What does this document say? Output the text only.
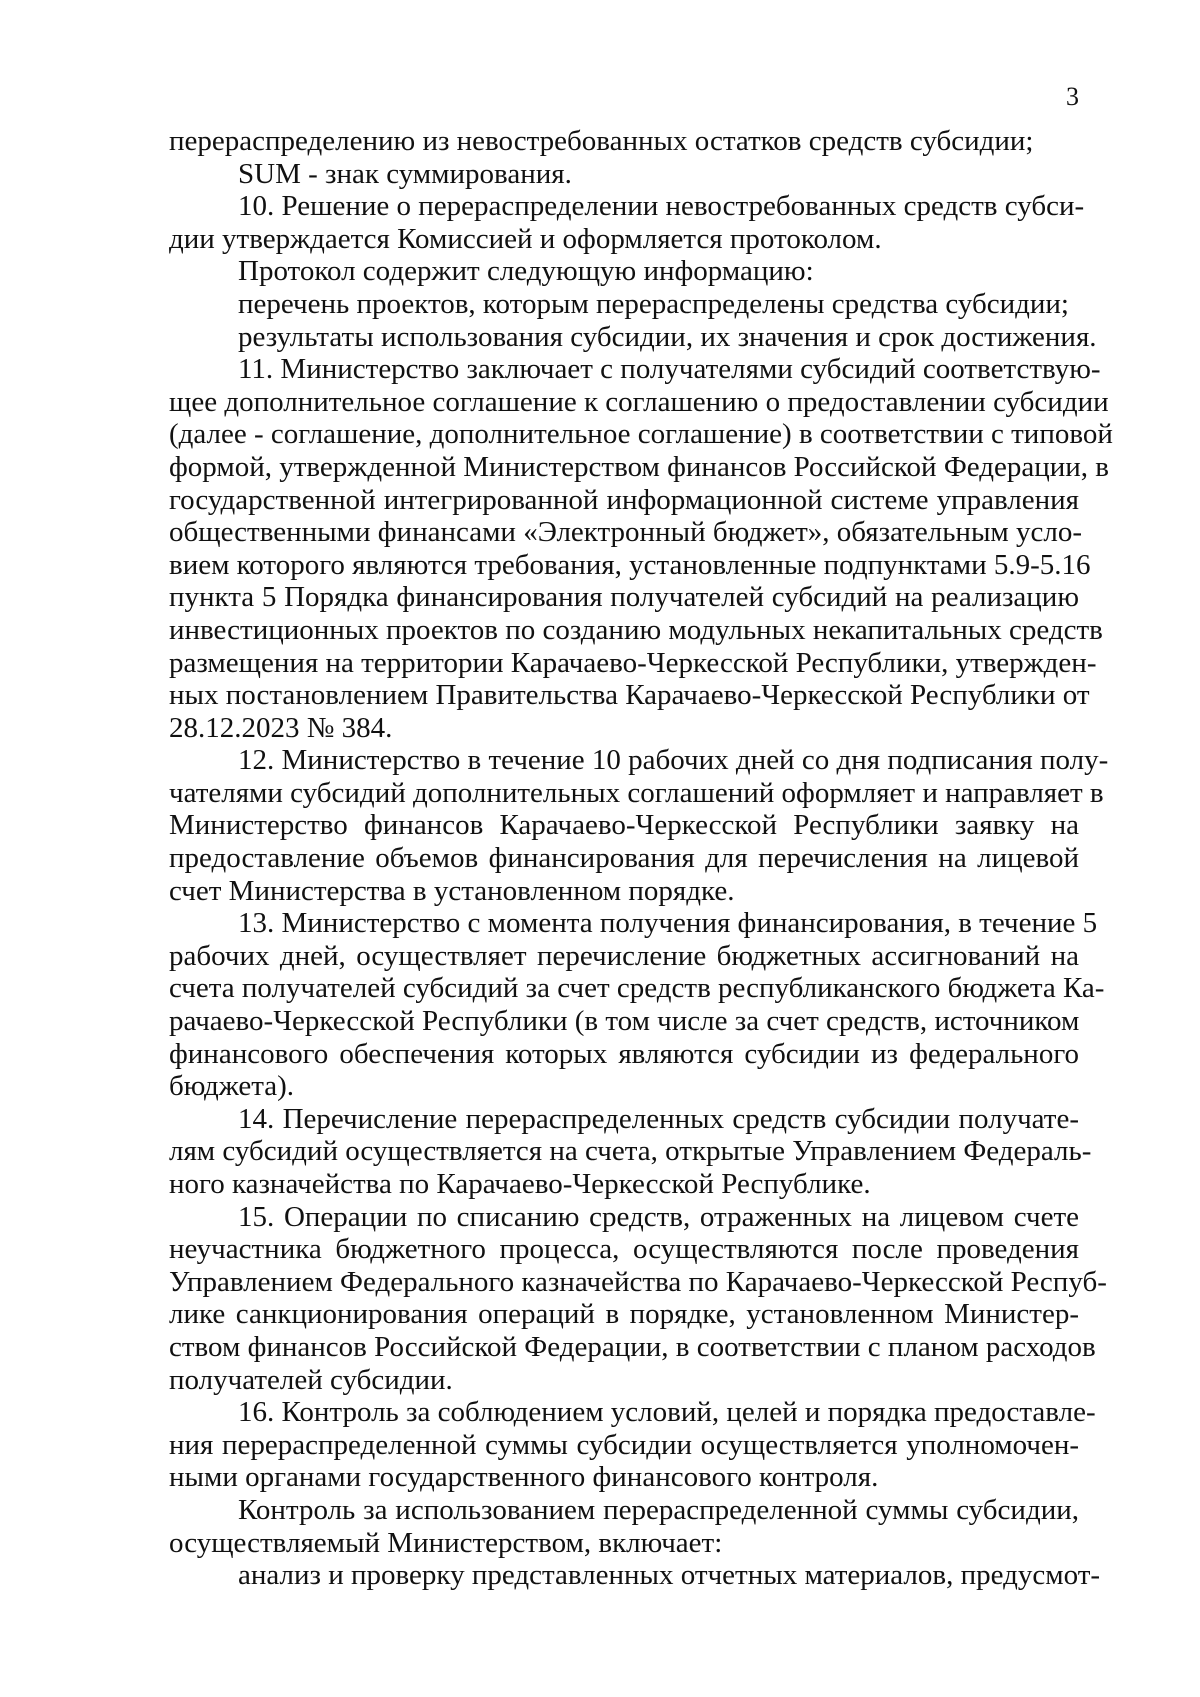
3
перераспределению из невостребованных остатков средств субсидии;
SUM - знак суммирования.
10. Решение о перераспределении невостребованных средств субси-
дии утверждается Комиссией и оформляется протоколом.
Протокол содержит следующую информацию:
перечень проектов, которым перераспределены средства субсидии;
результаты использования субсидии, их значения и срок достижения.
11. Министерство заключает с получателями субсидий соответствую-
щее дополнительное соглашение к соглашению о предоставлении субсидии
(далее - соглашение, дополнительное соглашение) в соответствии с типовой
формой, утвержденной Министерством финансов Российской Федерации, в
государственной интегрированной информационной системе управления
общественными финансами «Электронный бюджет», обязательным усло-
вием которого являются требования, установленные подпунктами 5.9-5.16
пункта 5 Порядка финансирования получателей субсидий на реализацию
инвестиционных проектов по созданию модульных некапитальных средств
размещения на территории Карачаево-Черкесской Республики, утвержден-
ных постановлением Правительства Карачаево-Черкесской Республики от
28.12.2023 № 384.
12. Министерство в течение 10 рабочих дней со дня подписания полу-
чателями субсидий дополнительных соглашений оформляет и направляет в
Министерство финансов Карачаево-Черкесской Республики заявку на
предоставление объемов финансирования для перечисления на лицевой
счет Министерства в установленном порядке.
13. Министерство с момента получения финансирования, в течение 5
рабочих дней, осуществляет перечисление бюджетных ассигнований на
счета получателей субсидий за счет средств республиканского бюджета Ка-
рачаево-Черкесской Республики (в том числе за счет средств, источником
финансового обеспечения которых являются субсидии из федерального
бюджета).
14. Перечисление перераспределенных средств субсидии получате-
лям субсидий осуществляется на счета, открытые Управлением Федераль-
ного казначейства по Карачаево-Черкесской Республике.
15. Операции по списанию средств, отраженных на лицевом счете
неучастника бюджетного процесса, осуществляются после проведения
Управлением Федерального казначейства по Карачаево-Черкесской Респуб-
лике санкционирования операций в порядке, установленном Министер-
ством финансов Российской Федерации, в соответствии с планом расходов
получателей субсидии.
16. Контроль за соблюдением условий, целей и порядка предоставле-
ния перераспределенной суммы субсидии осуществляется уполномочен-
ными органами государственного финансового контроля.
Контроль за использованием перераспределенной суммы субсидии,
осуществляемый Министерством, включает:
анализ и проверку представленных отчетных материалов, предусмот-
